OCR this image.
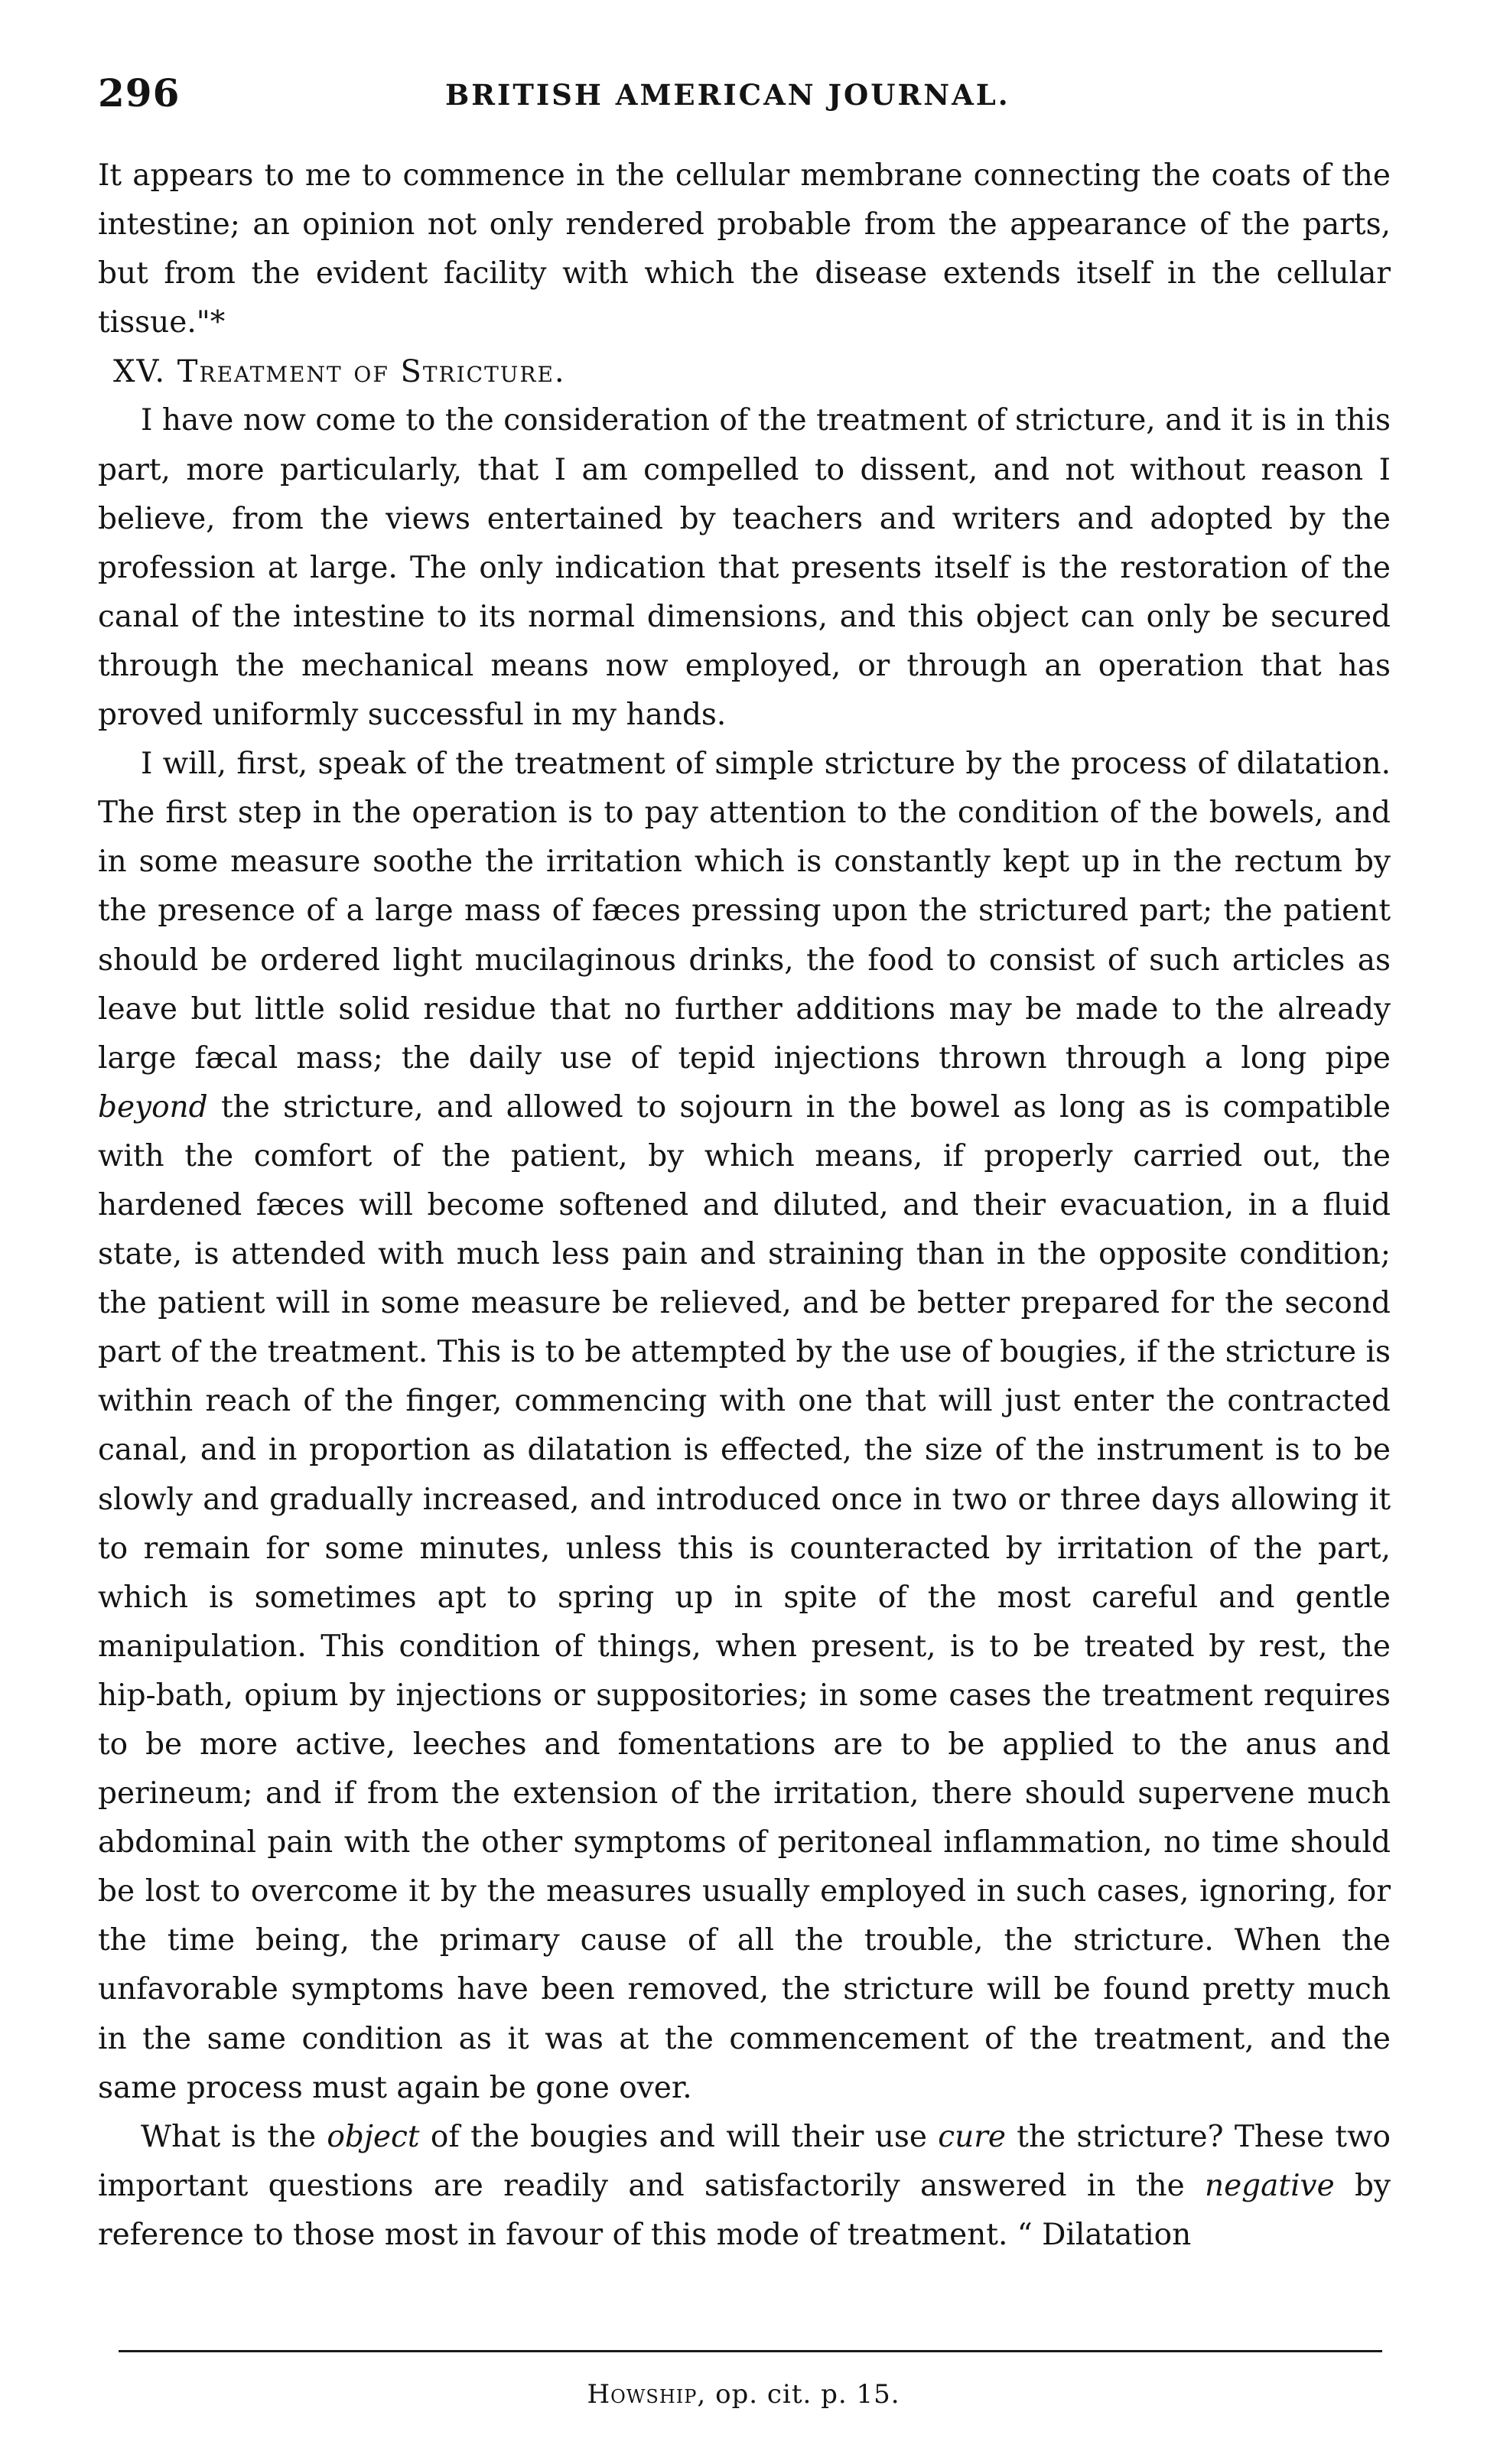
296	BRITISH AMERICAN JOURNAL.

It appears to me to commence in the cellular membrane connecting the coats of the intestine; an opinion not only rendered probable from the appearance of the parts, but from the evident facility with which the disease extends itself in the cellular tissue."*

XV. Treatment of Stricture.

I have now come to the consideration of the treatment of stricture, and it is in this part, more particularly, that I am compelled to dissent, and not without reason I believe, from the views entertained by teachers and writers and adopted by the profession at large. The only indication that presents itself is the restoration of the canal of the intestine to its normal dimensions, and this object can only be secured through the mechanical means now employed, or through an operation that has proved uniformly successful in my hands.

I will, first, speak of the treatment of simple stricture by the process of dilatation. The first step in the operation is to pay attention to the condition of the bowels, and in some measure soothe the irritation which is constantly kept up in the rectum by the presence of a large mass of fæces pressing upon the strictured part; the patient should be ordered light mucilaginous drinks, the food to consist of such articles as leave but little solid residue that no further additions may be made to the already large fæcal mass; the daily use of tepid injections thrown through a long pipe beyond the stricture, and allowed to sojourn in the bowel as long as is compatible with the comfort of the patient, by which means, if properly carried out, the hardened fæces will become softened and diluted, and their evacuation, in a fluid state, is attended with much less pain and straining than in the opposite condition; the patient will in some measure be relieved, and be better prepared for the second part of the treatment. This is to be attempted by the use of bougies, if the stricture is within reach of the finger, commencing with one that will just enter the contracted canal, and in proportion as dilatation is effected, the size of the instrument is to be slowly and gradually increased, and introduced once in two or three days allowing it to remain for some minutes, unless this is counteracted by irritation of the part, which is sometimes apt to spring up in spite of the most careful and gentle manipulation. This condition of things, when present, is to be treated by rest, the hip-bath, opium by injections or suppositories; in some cases the treatment requires to be more active, leeches and fomentations are to be applied to the anus and perineum; and if from the extension of the irritation, there should supervene much abdominal pain with the other symptoms of peritoneal inflammation, no time should be lost to overcome it by the measures usually employed in such cases, ignoring, for the time being, the primary cause of all the trouble, the stricture. When the unfavorable symptoms have been removed, the stricture will be found pretty much in the same condition as it was at the commencement of the treatment, and the same process must again be gone over.

What is the object of the bougies and will their use cure the stricture? These two important questions are readily and satisfactorily answered in the negative by reference to those most in favour of this mode of treatment. “ Dilatation

Howship, op. cit. p. 15.
